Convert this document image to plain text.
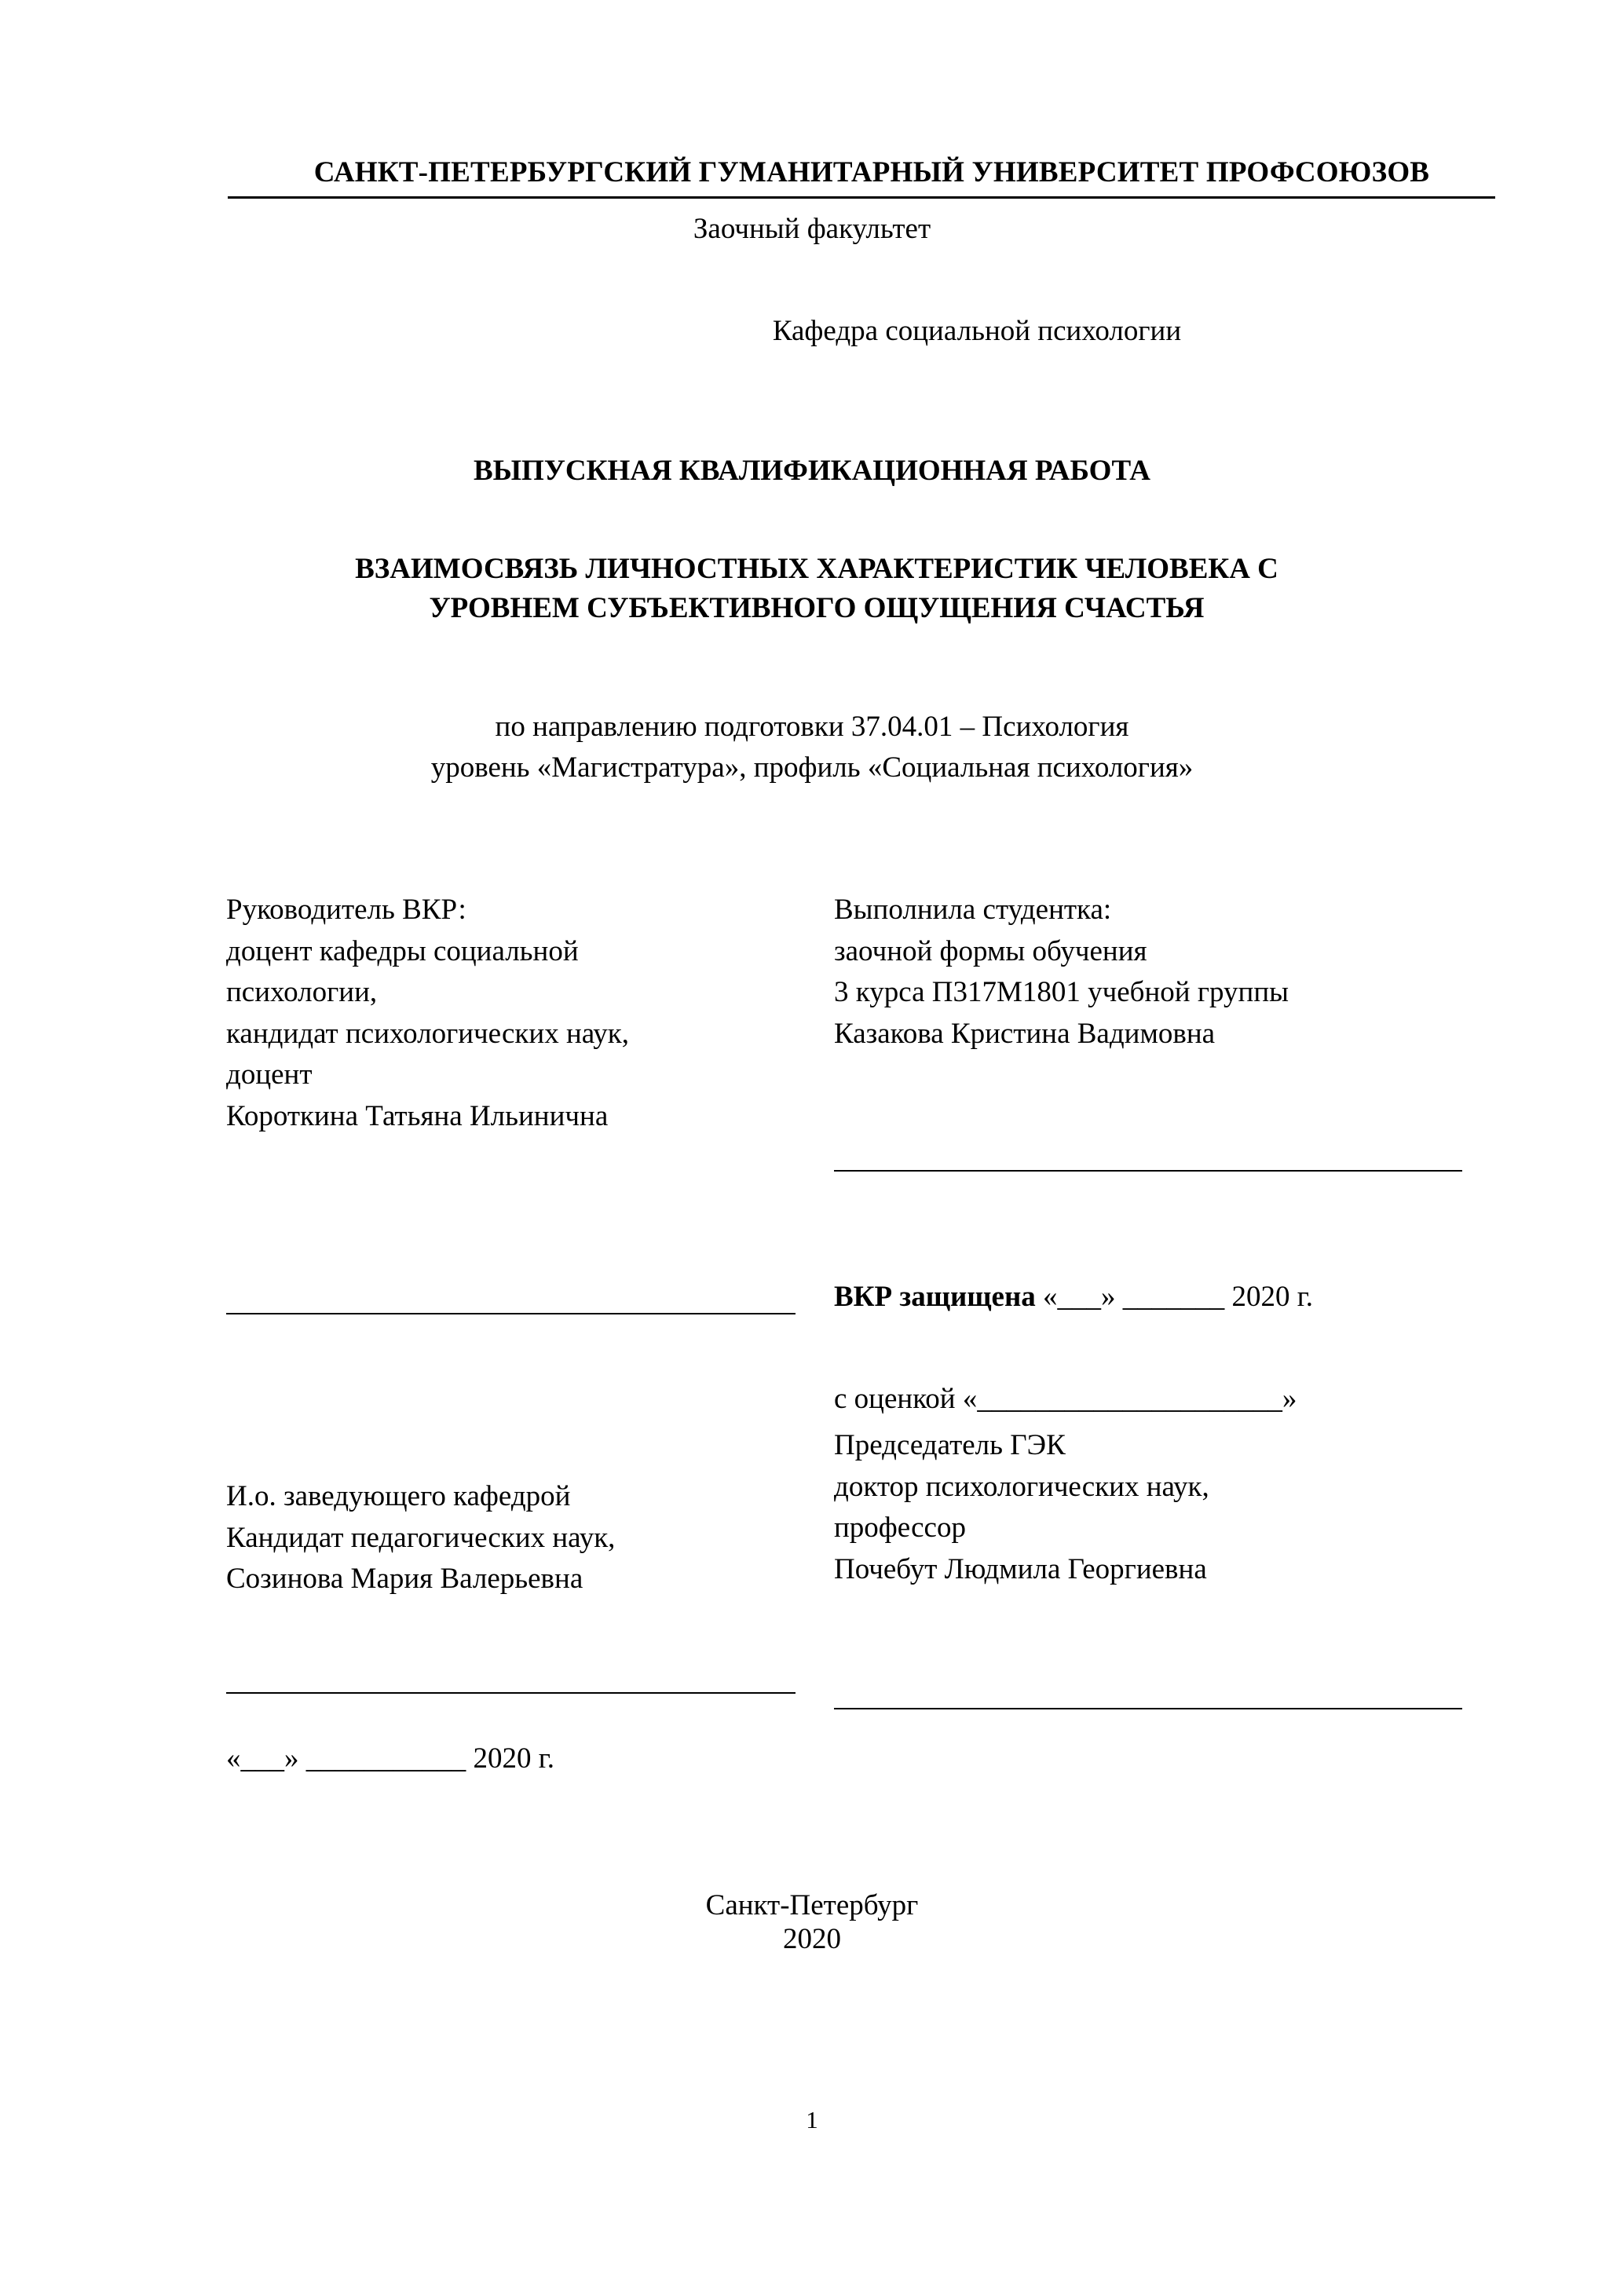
САНКТ-ПЕТЕРБУРГСКИЙ ГУМАНИТАРНЫЙ УНИВЕРСИТЕТ ПРОФСОЮЗОВ
Заочный факультет
Кафедра социальной психологии
ВЫПУСКНАЯ КВАЛИФИКАЦИОННАЯ РАБОТА
ВЗАИМОСВЯЗЬ ЛИЧНОСТНЫХ ХАРАКТЕРИСТИК ЧЕЛОВЕКА С
УРОВНЕМ СУБЪЕКТИВНОГО ОЩУЩЕНИЯ СЧАСТЬЯ
по направлению подготовки 37.04.01 – Психология
уровень «Магистратура», профиль «Социальная психология»
Руководитель ВКР:
доцент кафедры социальной
психологии,
кандидат психологических наук,
доцент
Короткина Татьяна Ильинична
Выполнила студентка:
заочной формы обучения
3 курса П317М1801 учебной группы
Казакова Кристина Вадимовна
ВКР защищена «___» _______ 2020 г.
с оценкой «_____________________»
Председатель ГЭК
доктор психологических наук,
профессор
Почебут Людмила Георгиевна
И.о. заведующего кафедрой
Кандидат педагогических наук,
Созинова Мария Валерьевна
«___» ___________ 2020 г.
Санкт-Петербург
2020
1
